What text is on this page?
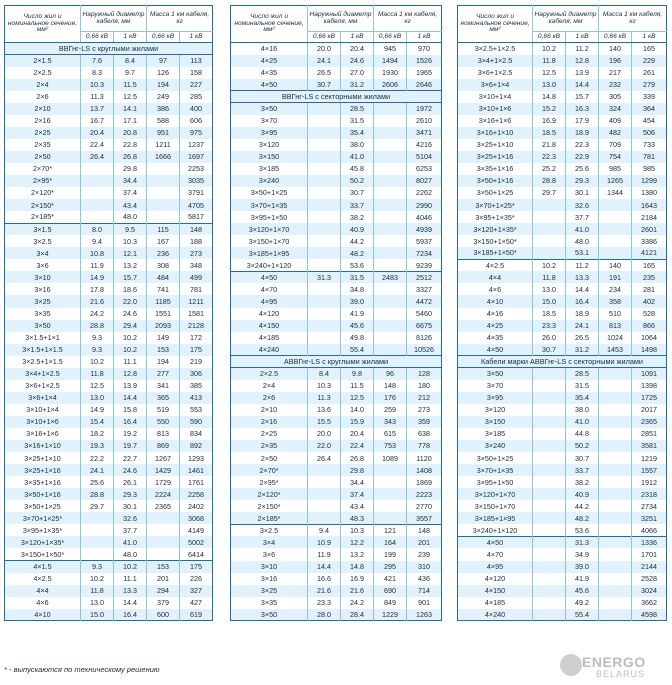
Число жил и номинальное сечение, мм²	Наружный диаметр кабеля, мм		Масса 1 км кабеля, кг	
	0,66 кВ	1 кВ	0,66 кВ	1 кВ
ВВГнг-LS с круглыми жилами				
2×1.5	7.6	8.4	97	113
2×2.5	8.3	9.7	126	158
2×4	10.3	11.5	194	227
2×6	11.3	12.5	249	285
2×10	13.7	14.1	386	400
2×16	16.7	17.1	588	606
2×25	20.4	20.8	951	975
2×35	22.4	22.8	1211	1237
2×50	26.4	26.8	1666	1697
2×70*		29.8		2253
2×95*		34.4		3035
2×120*		37.4		3791
2×150*		43.4		4705
2×185*		48.0		5817
3×1.5	8.0	9.5	115	148
3×2.5	9.4	10.3	167	188
3×4	10.8	12.1	236	273
3×6	11.9	13.2	308	348
3×10	14.9	15.7	484	499
3×16	17.8	18.6	741	781
3×25	21.6	22.0	1185	1211
3×35	24.2	24.6	1551	1581
3×50	28.8	29.4	2093	2128
3×1.5+1×1	9.3	10.2	149	172
3×1.5+1×1.5	9.3	10.2	153	175
3×2.5+1×1.5	10.2	11.1	194	219
3×4+1×2.5	11.8	12.8	277	306
3×6+1×2.5	12.5	13.9	341	385
3×6+1×4	13.0	14.4	365	413
3×10+1×4	14.9	15.8	519	553
3×10+1×6	15.4	16.4	550	590
3×16+1×6	18.2	19.2	813	834
3×16+1×10	19.3	19.7	869	892
3×25+1×10	22.2	22.7	1267	1293
3×25+1×16	24.1	24.6	1429	1461
3×35+1×16	25.6	26.1	1729	1761
3×50+1×16	28.8	29.3	2224	2258
3×50+1×25	29.7	30.1	2365	2402
3×70+1×25*		32.6		3068
3×95+1×35*		37.7		4149
3×120+1×35*		41.0		5002
3×150+1×50*		48.0		6414
4×1.5	9.3	10.2	153	175
4×2.5	10.2	11.1	201	226
4×4	11.8	13.3	294	327
4×6	13.0	14.4	379	427
4×10	15.0	16.4	600	619
Число жил и номинальное сечение, мм²	Наружный диаметр кабеля, мм		Масса 1 км кабеля, кг	
	0,66 кВ	1 кВ	0,66 кВ	1 кВ
4×16	20.0	20.4	945	970
4×25	24.1	24.6	1494	1526
4×35	26.5	27.0	1930	1965
4×50	30.7	31.2	2606	2646
ВВГнг-LS с секторными жилами				
3×50		28.5		1972
3×70		31.5		2610
3×95		35.4		3471
3×120		38.0		4216
3×150		41.0		5104
3×185		45.8		6253
3×240		50.2		8027
3×50+1×25		30.7		2262
3×70+1×35		33.7		2990
3×95+1×50		38.2		4046
3×120+1×70		40.9		4939
3×150+1×70		44.2		5937
3×185+1×95		48.2		7234
3×240+1×120		53.6		9239
4×50	31.3	31.5	2483	2512
4×70		34.8		3327
4×95		39.0		4472
4×120		41.9		5460
4×150		45.6		6675
4×185		49.8		8126
4×240		55.4		10526
АВВГнг-LS с круглыми жилами				
2×2.5	8.4	9.8	96	128
2×4	10.3	11.5	148	180
2×6	11.3	12.5	176	212
2×10	13.6	14.0	259	273
2×16	15.5	15.9	343	359
2×25	20.0	20.4	615	638
2×35	22.0	22.4	753	778
2×50	26.4	26.8	1089	1120
2×70*		29.8		1408
2×95*		34.4		1869
2×120*		37.4		2223
2×150*		43.4		2770
2×185*		48.3		3557
3×2.5	9.4	10.3	121	148
3×4	10.9	12.2	164	201
3×6	11.9	13.2	199	239
3×10	14.4	14.8	295	310
3×16	16.6	16.9	421	436
3×25	21.6	21.6	690	714
3×35	23.3	24.2	849	901
3×50	28.0	28.4	1229	1263
Число жил и номинальное сечение, мм²	Наружный диаметр кабеля, мм		Масса 1 км кабеля, кг	
	0,66 кВ	1 кВ	0,66 кВ	1 кВ
3×2.5+1×2.5	10.2	11.2	140	165
3×4+1×2.5	11.8	12.8	196	229
3×6+1×2.5	12.5	13.9	217	261
3×6+1×4	13.0	14.4	232	279
3×10+1×4	14.8	15.7	305	339
3×10+1×6	15.2	16.3	324	364
3×16+1×6	16.9	17.9	409	454
3×16+1×10	18.5	18.9	482	506
3×25+1×10	21.8	22.3	709	733
3×25+1×16	22.3	22.9	754	781
3×35+1×16	25.2	25.6	985	985
3×50+1×16	28.8	29.3	1265	1299
3×50+1×25	29.7	30.1	1344	1380
3×70+1×25*		32.6		1643
3×95+1×35*		37.7		2184
3×120+1×35*		41.0		2601
3×150+1×50*		48.0		3386
3×185+1×50*		53.1		4121
4×2.5	10.2	11.2	140	165
4×4	11.8	13.3	191	235
4×6	13.0	14.4	234	281
4×10	15.0	16.4	358	402
4×16	18.5	18.9	510	528
4×25	23.3	24.1	813	866
4×35	26.0	26.5	1024	1064
4×50	30.7	31.2	1453	1498
Кабели марки АВВГнг-LS с секторными жилами				
3×50		28.5		1091
3×70		31.5		1398
3×95		35.4		1725
3×120		38.0		2017
3×150		41.0		2365
3×185		44.8		2851
3×240		50.2		3581
3×50+1×25		30.7		1219
3×70+1×35		33.7		1557
3×95+1×50		38.2		1912
3×120+1×70		40.9		2318
3×150+1×70		44.2		2734
3×185+1×95		48.2		3251
3×240+1×120		53.6		4066
4×50		31.3		1336
4×70		34.9		1701
4×95		39.0		2144
4×120		41.9		2528
4×150		45.6		3024
4×185		49.2		3662
4×240		55.4		4598
* - выпускаются по техническому решению	ENERGO
BELARUS
